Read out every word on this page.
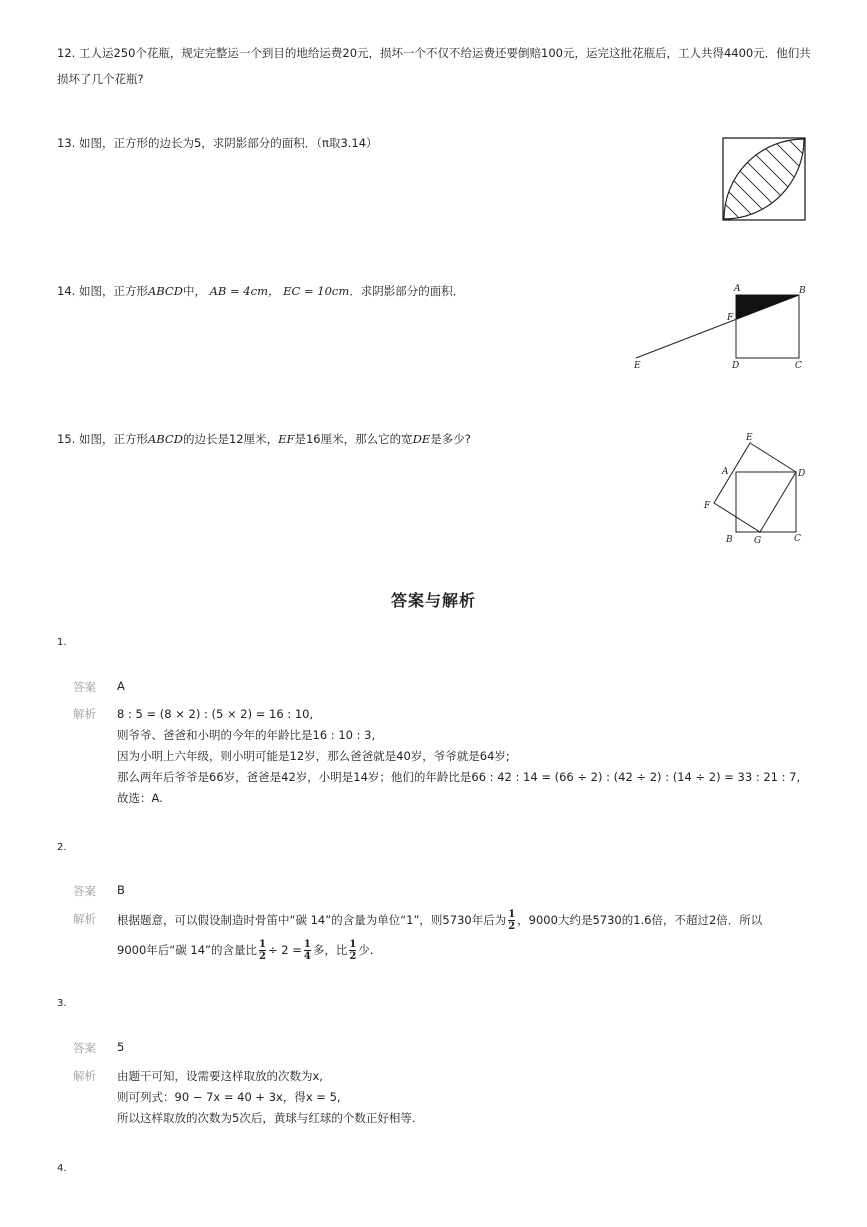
12. 工人运250个花瓶，规定完整运一个到目的地给运费20元，损坏一个不仅不给运费还要倒赔100元，运完这批花瓶后，工人共得4400元．他们共
损坏了几个花瓶?
13. 如图，正方形的边长为5，求阴影部分的面积．（π取3.14）
14. 如图，正方形ABCD中， AB = 4cm， EC = 10cm．求阴影部分的面积．	A	B
C
D
E
F
15. 如图，正方形ABCD的边长是12厘米，EF是16厘米，那么它的宽DE是多少?	E
A	D
F
B G	C
答案与解析
1.
答案 A
解析 8 : 5 = (8 × 2) : (5 × 2) = 16 : 10,
则爷爷、爸爸和小明的今年的年龄比是16 : 10 : 3,
因为小明上六年级，则小明可能是12岁，那么爸爸就是40岁，爷爷就是64岁;
那么两年后爷爷是66岁，爸爸是42岁，小明是14岁；他们的年龄比是66 : 42 : 14 = (66 ÷ 2) : (42 ÷ 2) : (14 ÷ 2) = 33 : 21 : 7,
故选：A.
2.
答案 B
解析 根据题意，可以假设制造时骨笛中“碳 14”的含量为单位“1”，则5730年后为 $\frac{1}{2}$ ，9000大约是5730的1.6倍，不超过2倍．所以
9000年后“碳 14”的含量比 $\frac{1}{2} \div 2 = \frac{1}{4}$ 多，比 $\frac{1}{2}$ 少.
3.
答案 5
解析 由题干可知，设需要这样取放的次数为x,
则可列式：90 − 7x = 40 + 3x，得x = 5,
所以这样取放的次数为5次后，黄球与红球的个数正好相等.
4.
